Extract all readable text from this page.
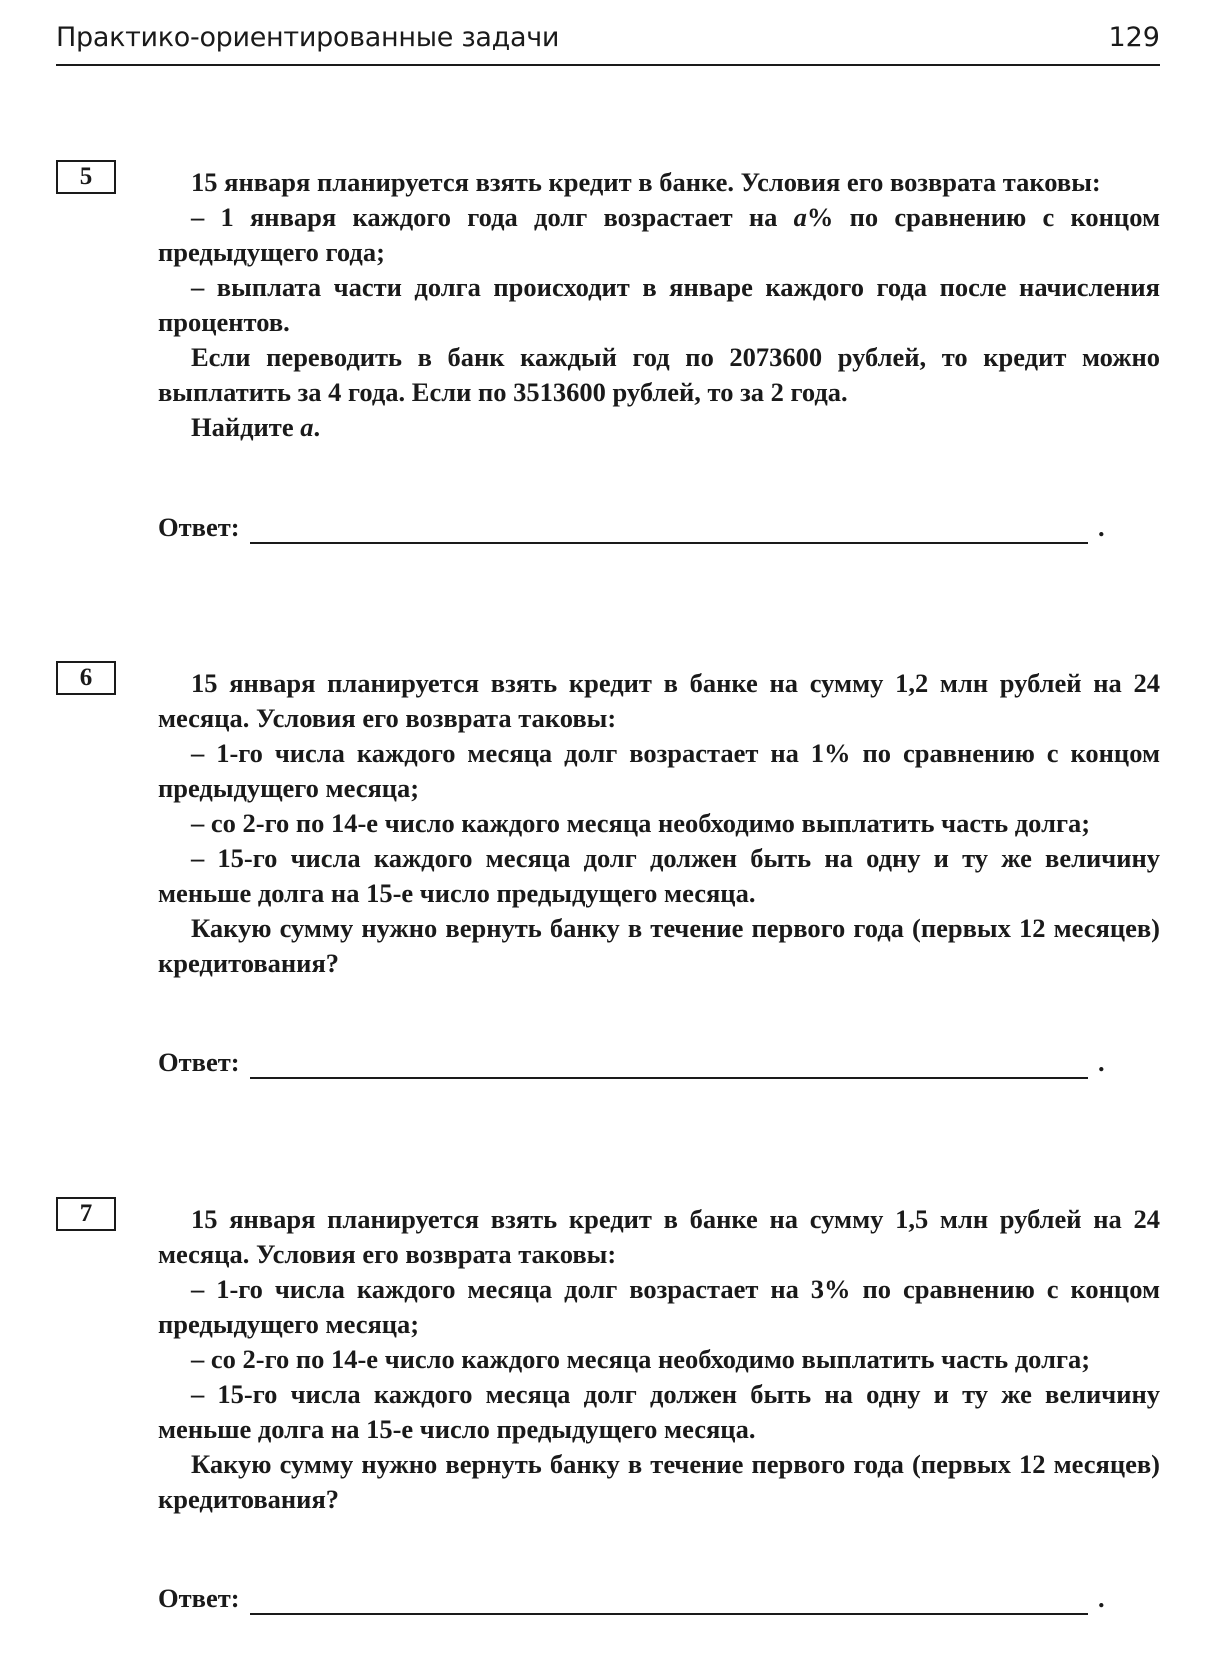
Практико-ориентированные задачи	129
5	15 января планируется взять кредит в банке. Условия его возврата таковы:

– 1 января каждого года долг возрастает на a% по сравнению с концом предыдущего года;

– выплата части долга происходит в январе каждого года после начисления процентов.

Если переводить в банк каждый год по 2073600 рублей, то кредит можно выплатить за 4 года. Если по 3513600 рублей, то за 2 года.

Найдите a.

Ответ:	.
6	15 января планируется взять кредит в банке на сумму 1,2 млн рублей на 24 месяца. Условия его возврата таковы:

– 1-го числа каждого месяца долг возрастает на 1% по сравнению с концом предыдущего месяца;

– со 2-го по 14-е число каждого месяца необходимо выплатить часть долга;

– 15-го числа каждого месяца долг должен быть на одну и ту же величину меньше долга на 15-е число предыдущего месяца.

Какую сумму нужно вернуть банку в течение первого года (первых 12 месяцев) кредитования?

Ответ:	.
7	15 января планируется взять кредит в банке на сумму 1,5 млн рублей на 24 месяца. Условия его возврата таковы:

– 1-го числа каждого месяца долг возрастает на 3% по сравнению с концом предыдущего месяца;

– со 2-го по 14-е число каждого месяца необходимо выплатить часть долга;

– 15-го числа каждого месяца долг должен быть на одну и ту же величину меньше долга на 15-е число предыдущего месяца.

Какую сумму нужно вернуть банку в течение первого года (первых 12 месяцев) кредитования?

Ответ:	.
